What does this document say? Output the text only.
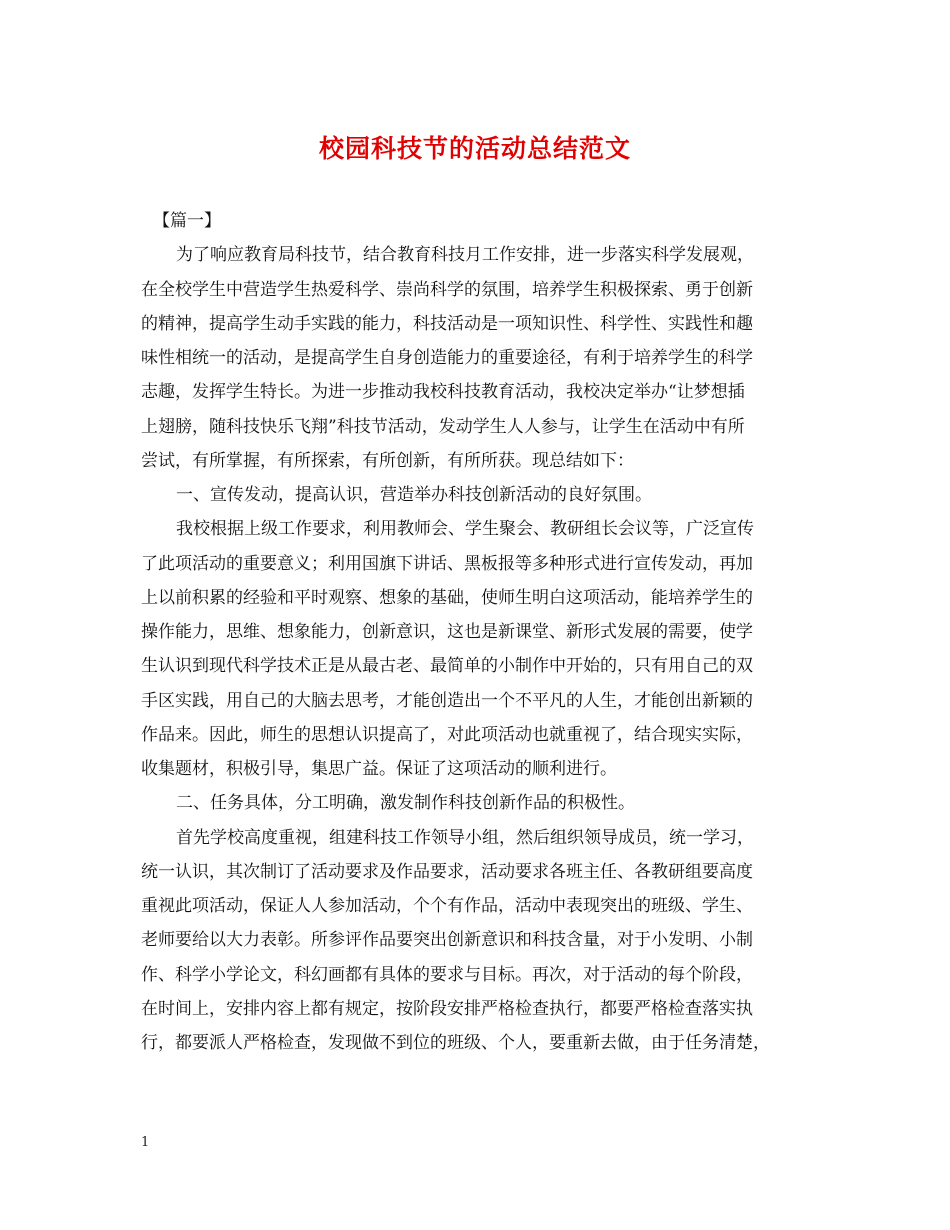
校园科技节的活动总结范文
【篇一】
为了响应教育局科技节，结合教育科技月工作安排，进一步落实科学发展观，
在全校学生中营造学生热爱科学、崇尚科学的氛围，培养学生积极探索、勇于创新
的精神，提高学生动手实践的能力，科技活动是一项知识性、科学性、实践性和趣
味性相统一的活动，是提高学生自身创造能力的重要途径，有利于培养学生的科学
志趣，发挥学生特长。为进一步推动我校科技教育活动，我校决定举办“让梦想插
上翅膀，随科技快乐飞翔”科技节活动，发动学生人人参与，让学生在活动中有所
尝试，有所掌握，有所探索，有所创新，有所所获。现总结如下：
一、宣传发动，提高认识，营造举办科技创新活动的良好氛围。
我校根据上级工作要求，利用教师会、学生聚会、教研组长会议等，广泛宣传
了此项活动的重要意义；利用国旗下讲话、黑板报等多种形式进行宣传发动，再加
上以前积累的经验和平时观察、想象的基础，使师生明白这项活动，能培养学生的
操作能力，思维、想象能力，创新意识，这也是新课堂、新形式发展的需要，使学
生认识到现代科学技术正是从最古老、最简单的小制作中开始的，只有用自己的双
手区实践，用自己的大脑去思考，才能创造出一个不平凡的人生，才能创出新颖的
作品来。因此，师生的思想认识提高了，对此项活动也就重视了，结合现实实际，
收集题材，积极引导，集思广益。保证了这项活动的顺利进行。
二、任务具体，分工明确，激发制作科技创新作品的积极性。
首先学校高度重视，组建科技工作领导小组，然后组织领导成员，统一学习，
统一认识，其次制订了活动要求及作品要求，活动要求各班主任、各教研组要高度
重视此项活动，保证人人参加活动，个个有作品，活动中表现突出的班级、学生、
老师要给以大力表彰。所参评作品要突出创新意识和科技含量，对于小发明、小制
作、科学小学论文，科幻画都有具体的要求与目标。再次，对于活动的每个阶段，
在时间上，安排内容上都有规定，按阶段安排严格检查执行，都要严格检查落实执
行，都要派人严格检查，发现做不到位的班级、个人，要重新去做，由于任务清楚，
1
